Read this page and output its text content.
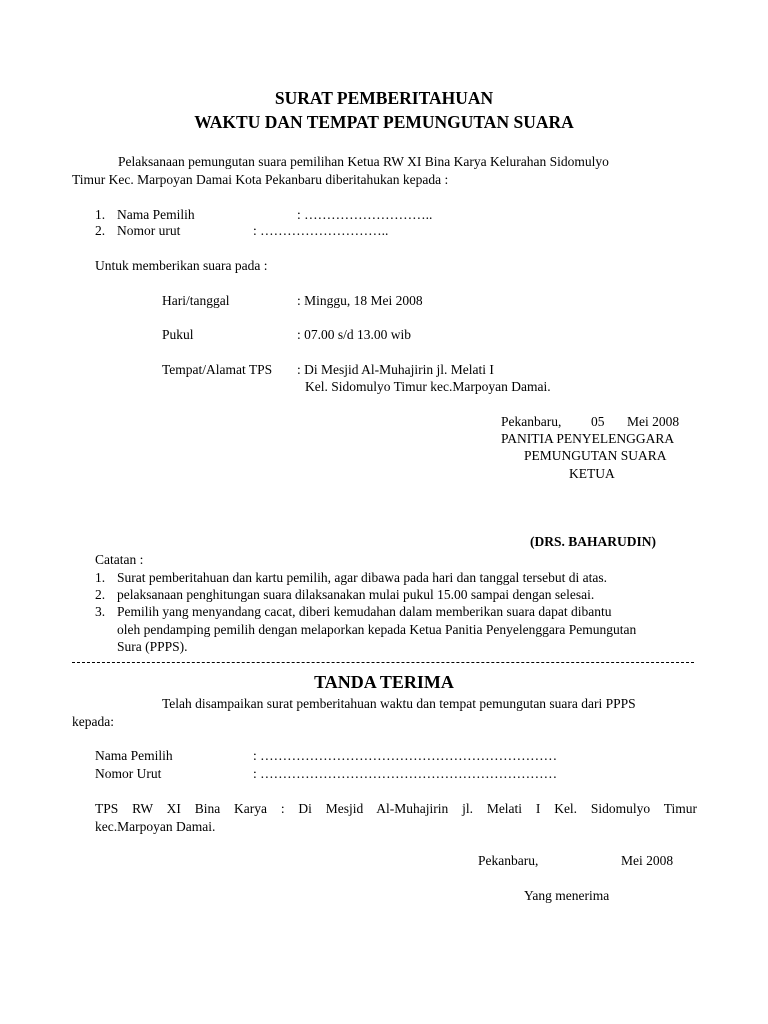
SURAT PEMBERITAHUAN
WAKTU DAN TEMPAT PEMUNGUTAN SUARA
Pelaksanaan pemungutan suara pemilihan Ketua RW XI Bina Karya Kelurahan Sidomulyo
Timur Kec. Marpoyan Damai Kota Pekanbaru diberitahukan kepada :
1. Nama Pemilih	: ………………………..
2. Nomor urut	: ………………………..
Untuk memberikan suara pada :
Hari/tanggal	: Minggu, 18 Mei 2008
Pukul	: 07.00 s/d 13.00 wib
Tempat/Alamat TPS : Di Mesjid Al-Muhajirin jl. Melati I
Kel. Sidomulyo Timur kec.Marpoyan Damai.
Pekanbaru, 05 Mei 2008
PANITIA PENYELENGGARA
PEMUNGUTAN SUARA
KETUA
(DRS. BAHARUDIN)
Catatan :
1. Surat pemberitahuan dan kartu pemilih, agar dibawa pada hari dan tanggal tersebut di atas.
2. pelaksanaan penghitungan suara dilaksanakan mulai pukul 15.00 sampai dengan selesai.
3. Pemilih yang menyandang cacat, diberi kemudahan dalam memberikan suara dapat dibantu
oleh pendamping pemilih dengan melaporkan kepada Ketua Panitia Penyelenggara Pemungutan
Sura (PPPS).
TANDA TERIMA
Telah disampaikan surat pemberitahuan waktu dan tempat pemungutan suara dari PPPS
kepada:
Nama Pemilih	: …………………………………………………………
Nomor Urut	: …………………………………………………………
TPS RW XI Bina Karya : Di Mesjid Al-Muhajirin jl. Melati I Kel. Sidomulyo Timur
kec.Marpoyan Damai.
Pekanbaru,	Mei 2008
Yang menerima
